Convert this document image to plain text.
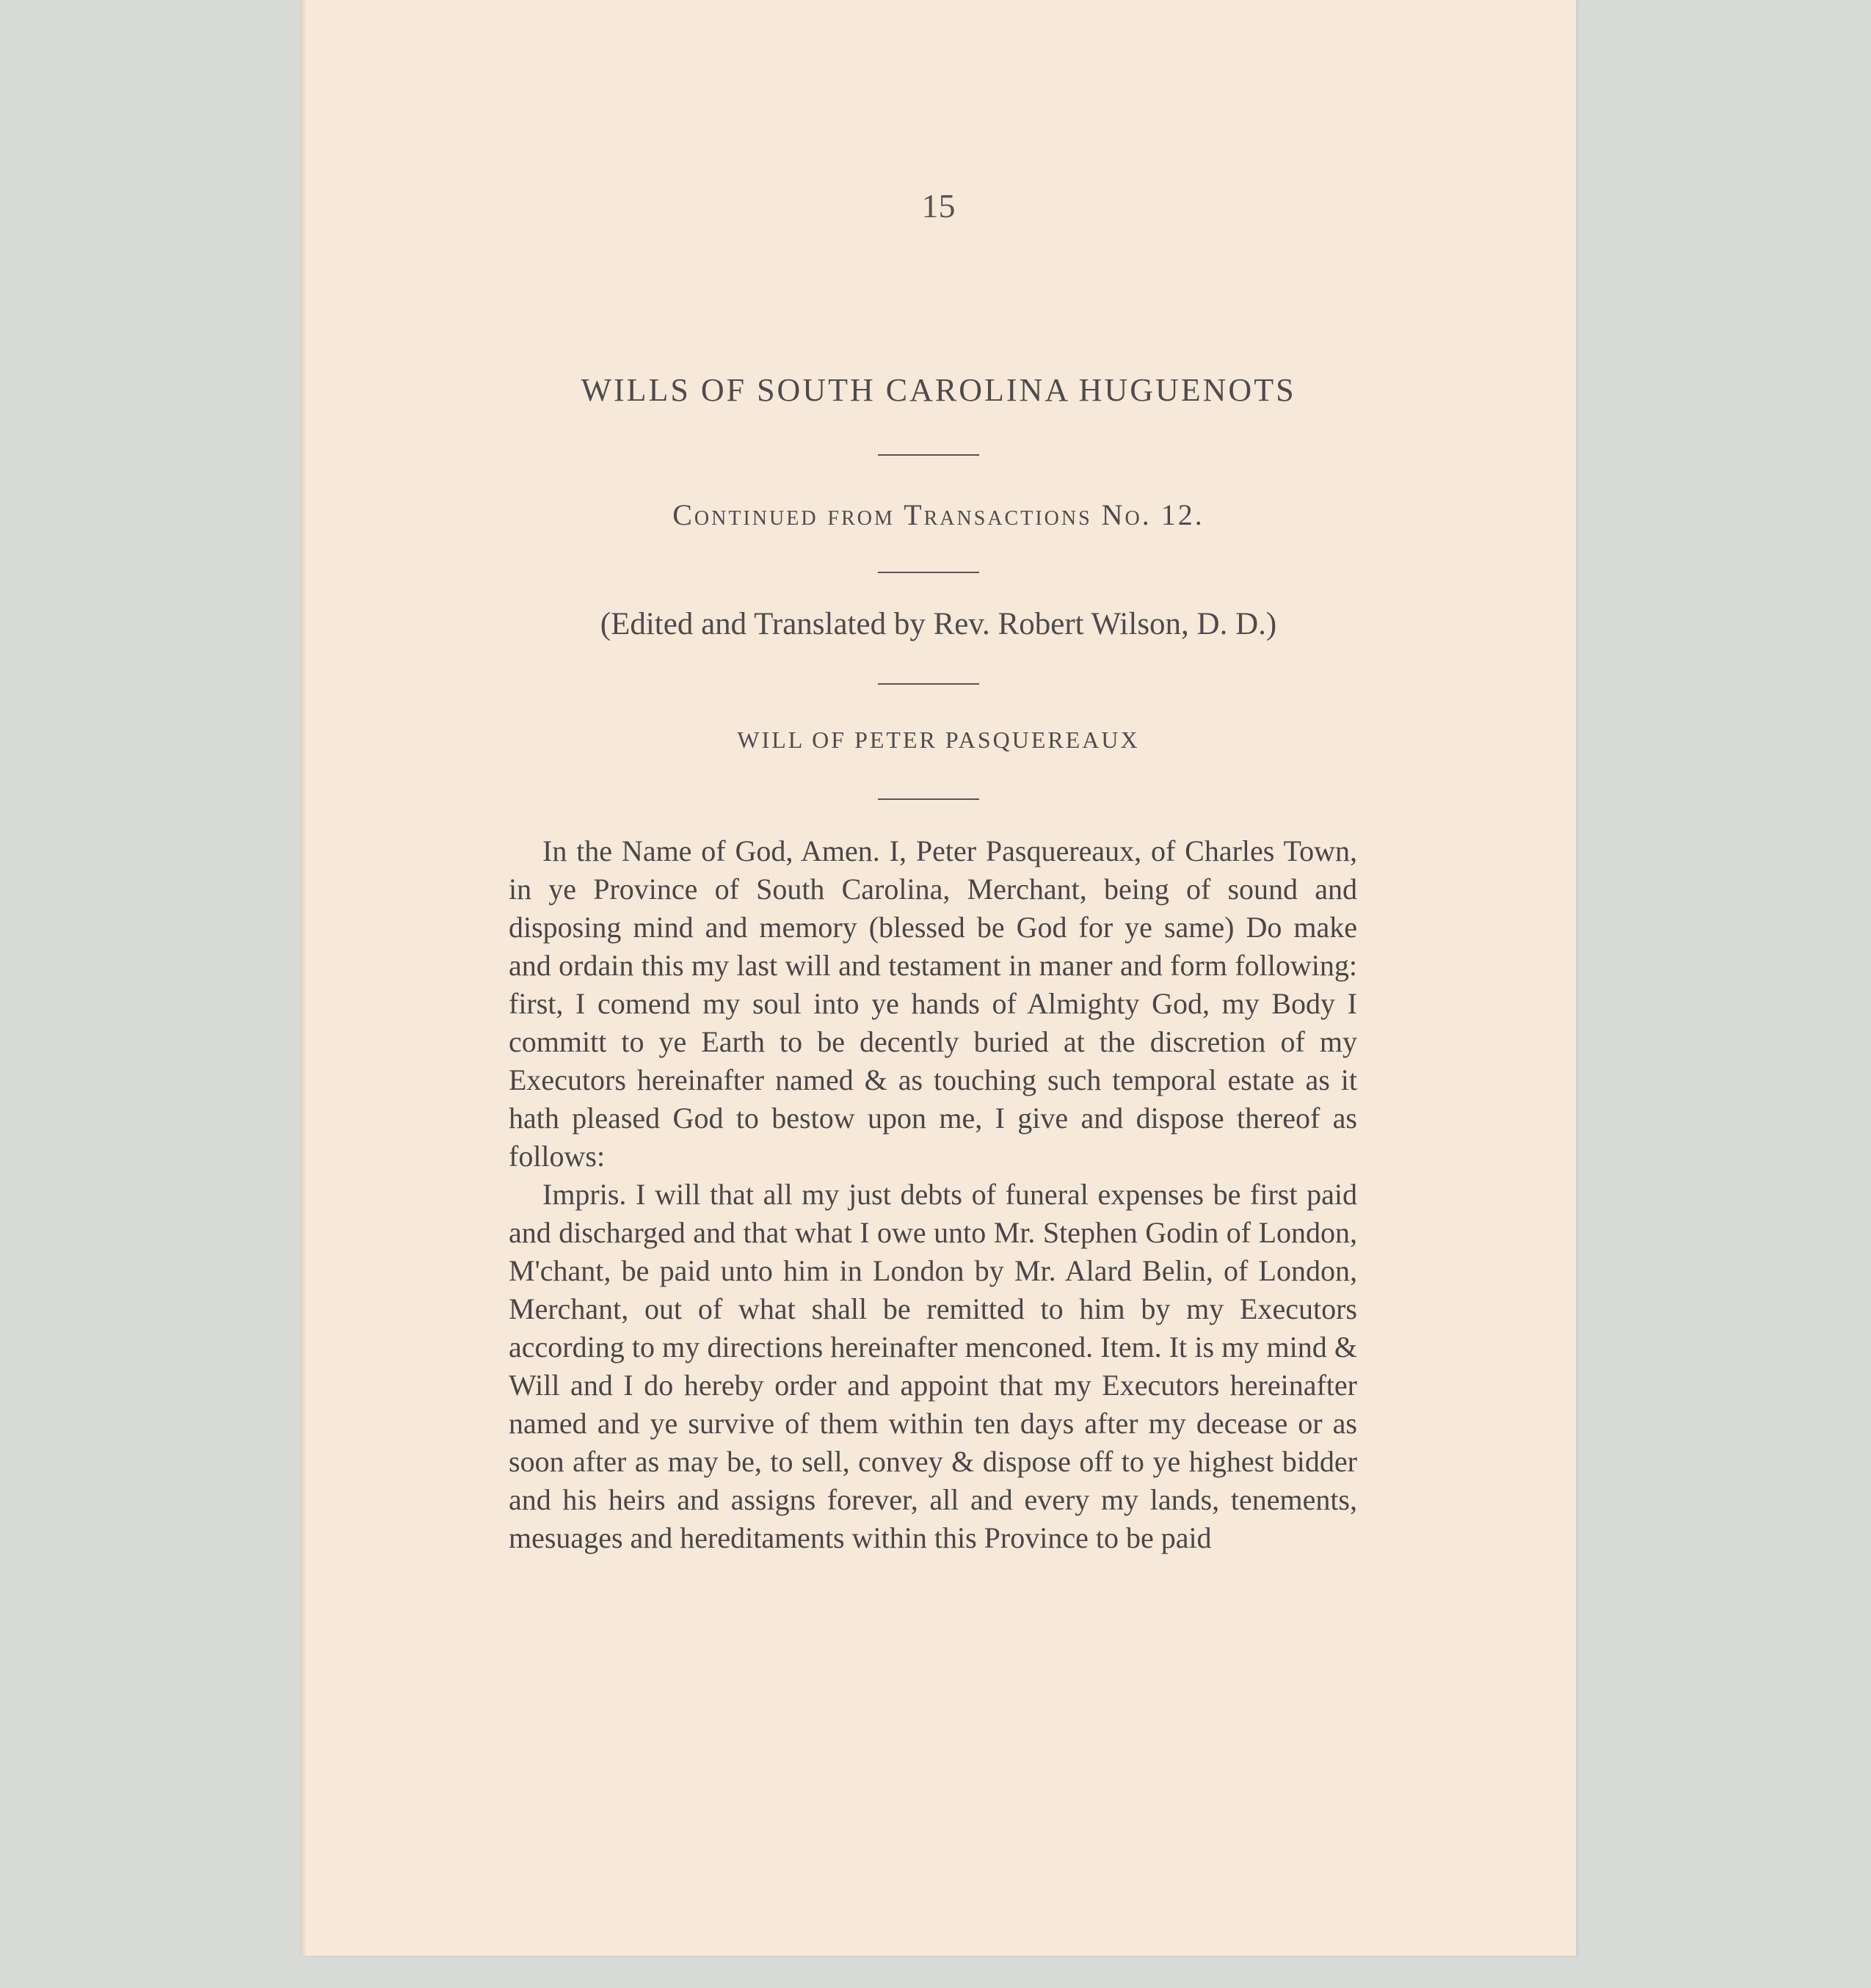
15
WILLS OF SOUTH CAROLINA HUGUENOTS
Continued from Transactions No. 12.
(Edited and Translated by Rev. Robert Wilson, D. D.)
WILL OF PETER PASQUEREAUX

In the Name of God, Amen. I, Peter Pasquereaux, of Charles Town, in ye Province of South Carolina, Merchant, being of sound and disposing mind and memory (blessed be God for ye same) Do make and ordain this my last will and testament in maner and form following: first, I comend my soul into ye hands of Almighty God, my Body I committ to ye Earth to be decently buried at the discretion of my Executors hereinafter named & as touching such temporal estate as it hath pleased God to bestow upon me, I give and dispose thereof as follows:

Impris. I will that all my just debts of funeral expenses be first paid and discharged and that what I owe unto Mr. Stephen Godin of London, M'chant, be paid unto him in London by Mr. Alard Belin, of London, Merchant, out of what shall be remitted to him by my Executors according to my directions hereinafter menconed. Item. It is my mind & Will and I do hereby order and appoint that my Executors hereinafter named and ye survive of them within ten days after my decease or as soon after as may be, to sell, convey & dispose off to ye highest bidder and his heirs and assigns forever, all and every my lands, tenements, mesuages and hereditaments within this Province to be paid
